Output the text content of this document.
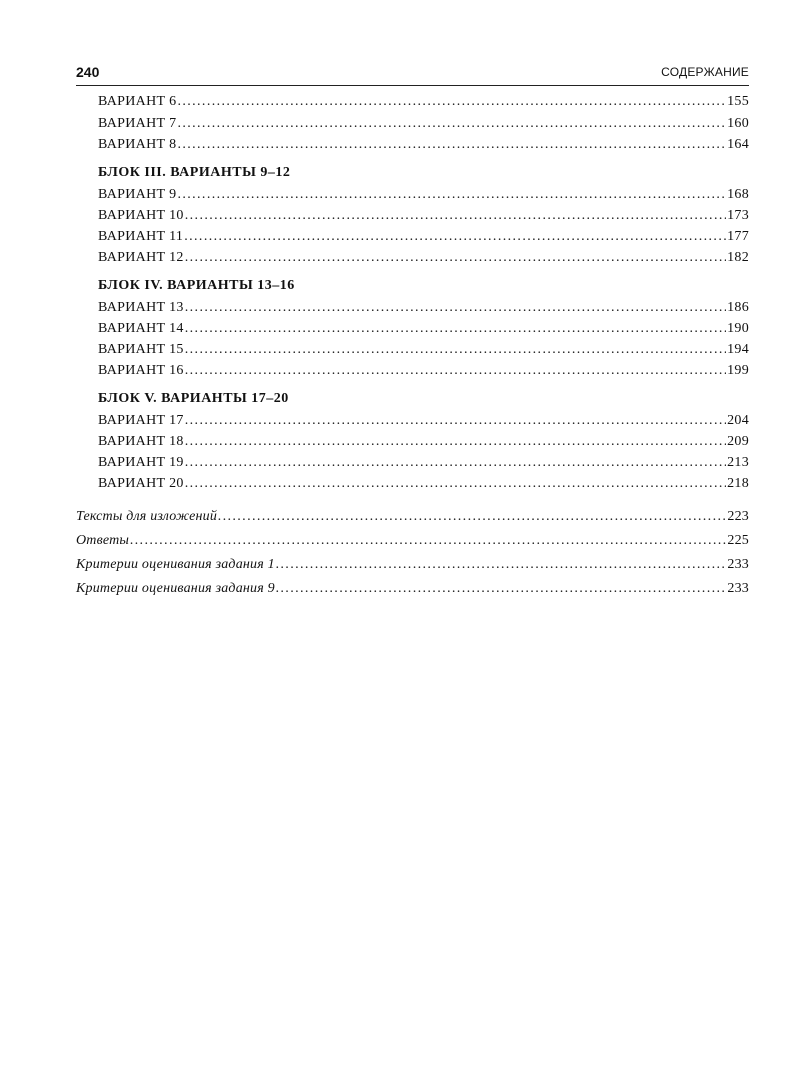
240	СОДЕРЖАНИЕ
ВАРИАНТ 6 .....	155
ВАРИАНТ 7 .....	160
ВАРИАНТ 8 .....	164
БЛОК III. ВАРИАНТЫ 9–12
ВАРИАНТ 9 .....	168
ВАРИАНТ 10 .....	173
ВАРИАНТ 11 .....	177
ВАРИАНТ 12 .....	182
БЛОК IV. ВАРИАНТЫ 13–16
ВАРИАНТ 13 .....	186
ВАРИАНТ 14 .....	190
ВАРИАНТ 15 .....	194
ВАРИАНТ 16 .....	199
БЛОК V. ВАРИАНТЫ 17–20
ВАРИАНТ 17 .....	204
ВАРИАНТ 18 .....	209
ВАРИАНТ 19 .....	213
ВАРИАНТ 20 .....	218
Тексты для изложений .....	223
Ответы .....	225
Критерии оценивания задания 1 .....	233
Критерии оценивания задания 9 .....	233
